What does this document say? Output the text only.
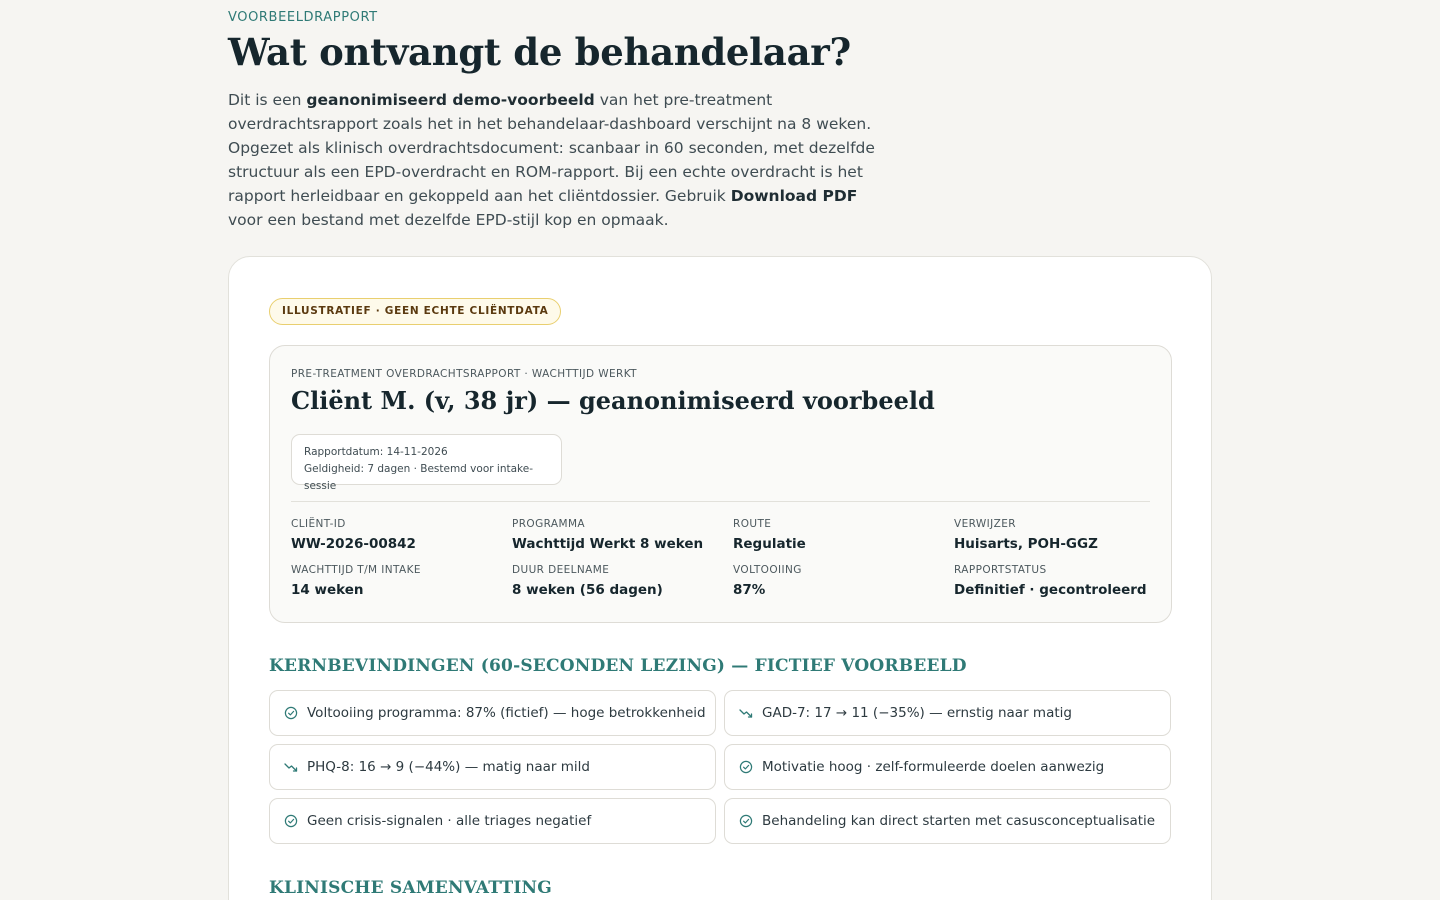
VOORBEELDRAPPORT
Wat ontvangt de behandelaar?

Dit is een geanonimiseerd demo-voorbeeld van het pre-treatment overdrachtsrapport zoals het in het behandelaar-dashboard verschijnt na 8 weken. Opgezet als klinisch overdrachtsdocument: scanbaar in 60 seconden, met dezelfde structuur als een EPD-overdracht en ROM-rapport. Bij een echte overdracht is het rapport herleidbaar en gekoppeld aan het cliëntdossier. Gebruik Download PDF voor een bestand met dezelfde EPD-stijl kop en opmaak.

ILLUSTRATIEF · GEEN ECHTE CLIËNTDATA
PRE-TREATMENT OVERDRACHTSRAPPORT · WACHTTIJD WERKT
Cliënt M. (v, 38 jr) — geanonimiseerd voorbeeld
Rapportdatum: 14-11-2026
Geldigheid: 7 dagen · Bestemd voor intake-sessie
CLIËNT-ID
WW-2026-00842
PROGRAMMA
Wachttijd Werkt 8 weken
ROUTE
Regulatie
VERWIJZER
Huisarts, POH-GGZ
WACHTTIJD T/M INTAKE
14 weken
DUUR DEELNAME
8 weken (56 dagen)
VOLTOOIING
87%
RAPPORTSTATUS
Definitief · gecontroleerd
KERNBEVINDINGEN (60-SECONDEN LEZING) — FICTIEF VOORBEELD
Voltooiing programma: 87% (fictief) — hoge betrokkenheid	GAD-7: 17 → 11 (−35%) — ernstig naar matig
PHQ-8: 16 → 9 (−44%) — matig naar mild	Motivatie hoog · zelf-formuleerde doelen aanwezig
Geen crisis-signalen · alle triages negatief	Behandeling kan direct starten met casusconceptualisatie
KLINISCHE SAMENVATTING
